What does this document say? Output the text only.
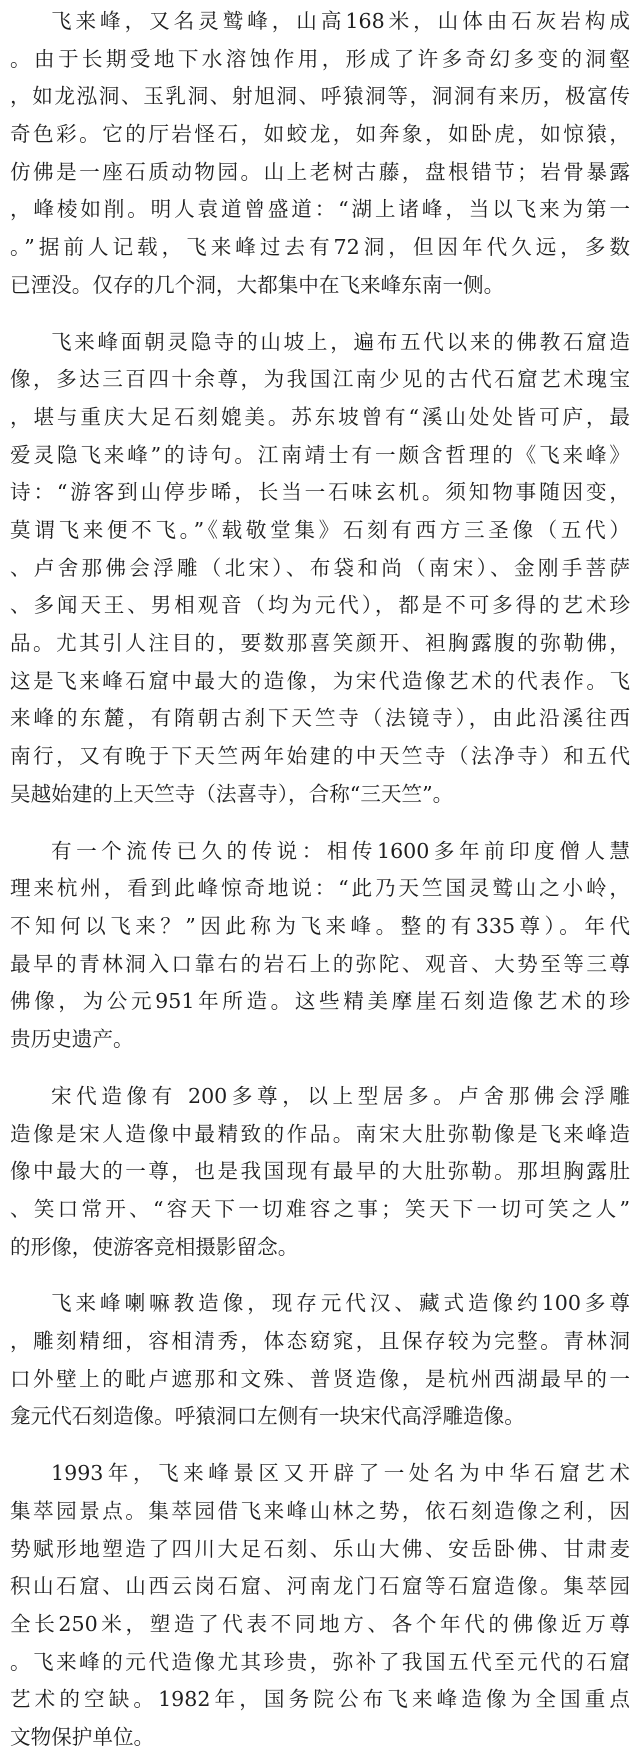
飞来峰，又名灵鹫峰，山高168米，山体由石灰岩构成
。由于长期受地下水溶蚀作用，形成了许多奇幻多变的洞壑
，如龙泓洞、玉乳洞、射旭洞、呼猿洞等，洞洞有来历，极富传
奇色彩。它的厅岩怪石，如蛟龙，如奔象，如卧虎，如惊猿，
仿佛是一座石质动物园。山上老树古藤，盘根错节；岩骨暴露
，峰棱如削。明人袁道曾盛道：“湖上诸峰，当以飞来为第一
。”据前人记载，飞来峰过去有72洞，但因年代久远，多数
已湮没。仅存的几个洞，大都集中在飞来峰东南一侧。
飞来峰面朝灵隐寺的山坡上，遍布五代以来的佛教石窟造
像，多达三百四十余尊，为我国江南少见的古代石窟艺术瑰宝
，堪与重庆大足石刻媲美。苏东坡曾有“溪山处处皆可庐，最
爱灵隐飞来峰”的诗句。江南靖士有一颇含哲理的《飞来峰》
诗：“游客到山停步晞，长当一石味玄机。须知物事随因变，
莫谓飞来便不飞。”《载敬堂集》石刻有西方三圣像（五代）
、卢舍那佛会浮雕（北宋）、布袋和尚（南宋）、金刚手菩萨
、多闻天王、男相观音（均为元代），都是不可多得的艺术珍
品。尤其引人注目的，要数那喜笑颜开、袒胸露腹的弥勒佛，
这是飞来峰石窟中最大的造像，为宋代造像艺术的代表作。飞
来峰的东麓，有隋朝古刹下天竺寺（法镜寺），由此沿溪往西
南行，又有晚于下天竺两年始建的中天竺寺（法净寺）和五代
吴越始建的上天竺寺（法喜寺），合称“三天竺”。
有一个流传已久的传说：相传1600多年前印度僧人慧
理来杭州，看到此峰惊奇地说：“此乃天竺国灵鹫山之小岭，
不知何以飞来？”因此称为飞来峰。整的有335尊）。年代
最早的青林洞入口靠右的岩石上的弥陀、观音、大势至等三尊
佛像，为公元951年所造。这些精美摩崖石刻造像艺术的珍
贵历史遗产。
宋代造像有 200多尊，以上型居多。卢舍那佛会浮雕
造像是宋人造像中最精致的作品。南宋大肚弥勒像是飞来峰造
像中最大的一尊，也是我国现有最早的大肚弥勒。那坦胸露肚
、笑口常开、“容天下一切难容之事；笑天下一切可笑之人”
的形像，使游客竞相摄影留念。
飞来峰喇嘛教造像，现存元代汉、藏式造像约100多尊
，雕刻精细，容相清秀，体态窈窕，且保存较为完整。青林洞
口外壁上的毗卢遮那和文殊、普贤造像，是杭州西湖最早的一
龛元代石刻造像。呼猿洞口左侧有一块宋代高浮雕造像。
1993年，飞来峰景区又开辟了一处名为中华石窟艺术
集萃园景点。集萃园借飞来峰山林之势，依石刻造像之利，因
势赋形地塑造了四川大足石刻、乐山大佛、安岳卧佛、甘肃麦
积山石窟、山西云岗石窟、河南龙门石窟等石窟造像。集萃园
全长250米，塑造了代表不同地方、各个年代的佛像近万尊
。飞来峰的元代造像尤其珍贵，弥补了我国五代至元代的石窟
艺术的空缺。1982年，国务院公布飞来峰造像为全国重点
文物保护单位。
